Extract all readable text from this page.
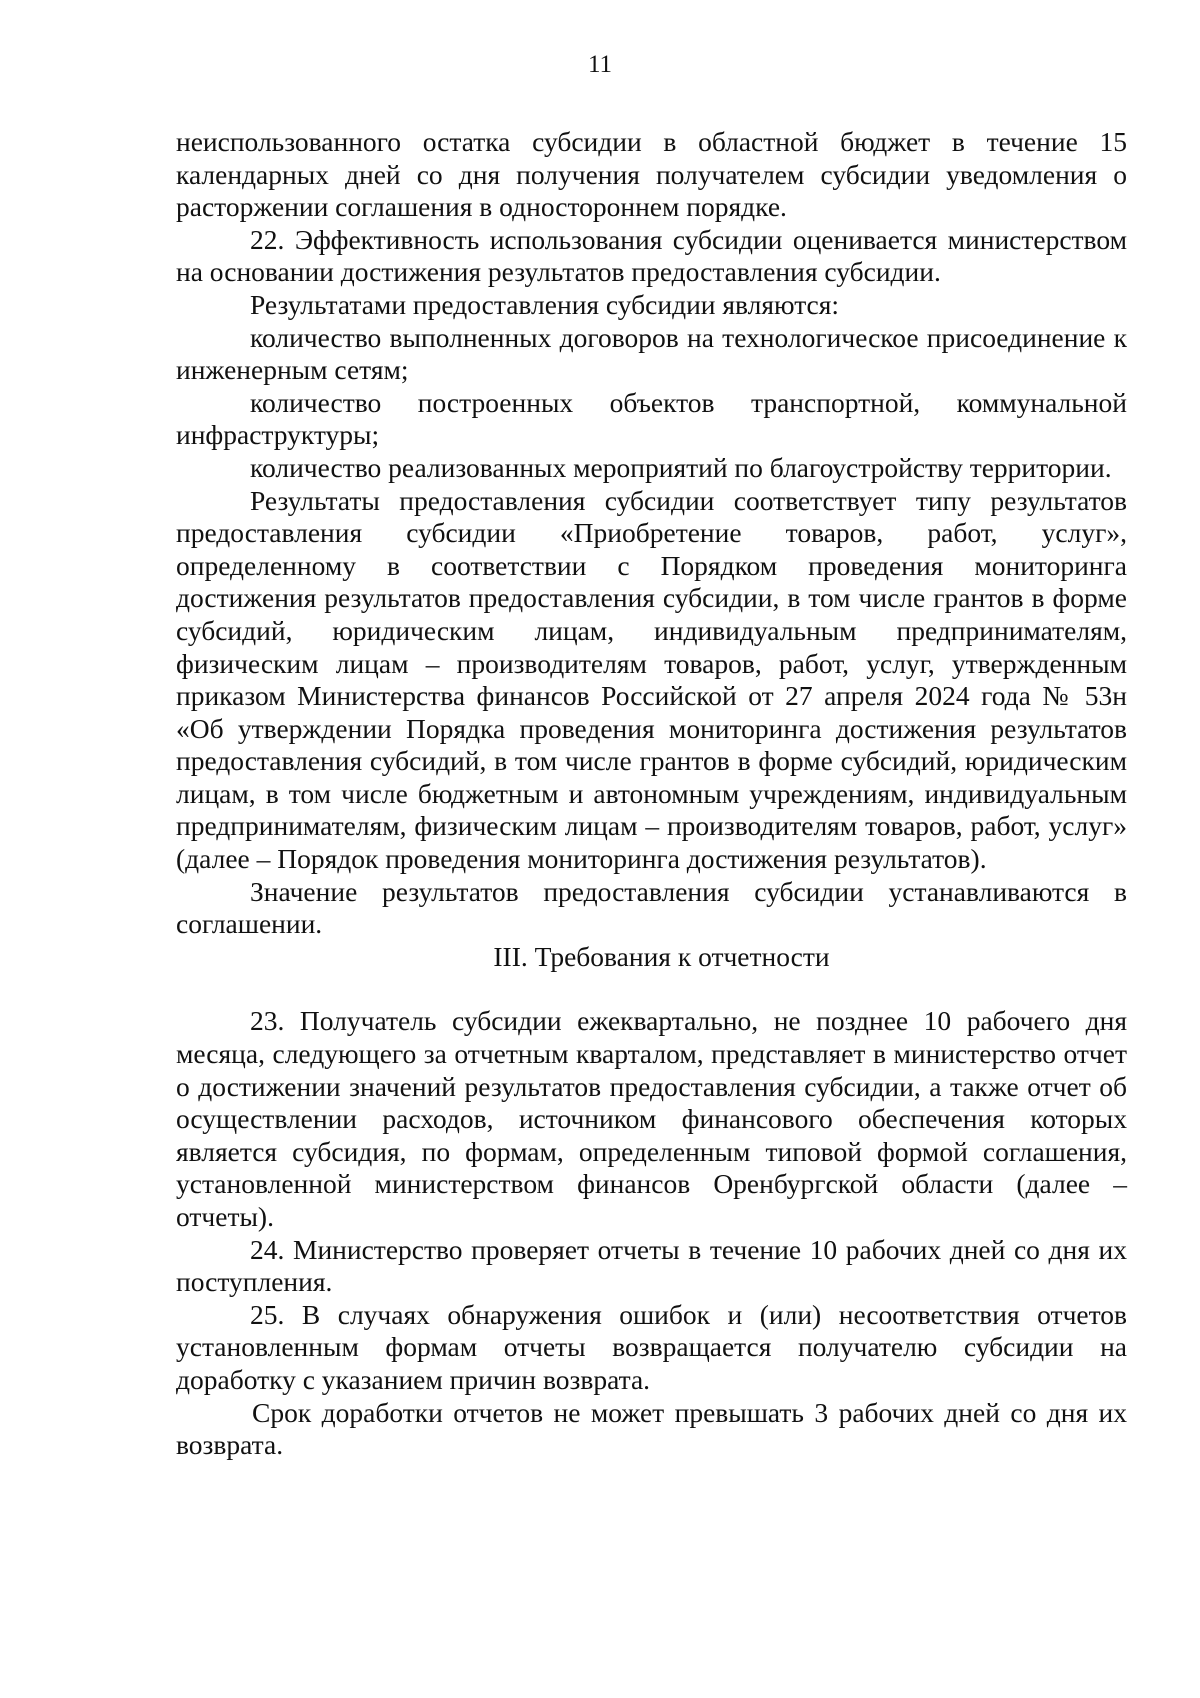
11

неиспользованного остатка субсидии в областной бюджет в течение 15 календарных дней со дня получения получателем субсидии уведомления о расторжении соглашения в одностороннем порядке.

22. Эффективность использования субсидии оценивается министерством на основании достижения результатов предоставления субсидии.

Результатами предоставления субсидии являются:

количество выполненных договоров на технологическое присоединение к инженерным сетям;

количество построенных объектов транспортной, коммунальной инфраструктуры;

количество реализованных мероприятий по благоустройству территории.

Результаты предоставления субсидии соответствует типу результатов предоставления субсидии «Приобретение товаров, работ, услуг», определенному в соответствии с Порядком проведения мониторинга достижения результатов предоставления субсидии, в том числе грантов в форме субсидий, юридическим лицам, индивидуальным предпринимателям, физическим лицам – производителям товаров, работ, услуг, утвержденным приказом Министерства финансов Российской от 27 апреля 2024 года № 53н «Об утверждении Порядка проведения мониторинга достижения результатов предоставления субсидий, в том числе грантов в форме субсидий, юридическим лицам, в том числе бюджетным и автономным учреждениям, индивидуальным предпринимателям, физическим лицам – производителям товаров, работ, услуг» (далее – Порядок проведения мониторинга достижения результатов).

Значение результатов предоставления субсидии устанавливаются в соглашении.

III. Требования к отчетности

23. Получатель субсидии ежеквартально, не позднее 10 рабочего дня месяца, следующего за отчетным кварталом, представляет в министерство отчет о достижении значений результатов предоставления субсидии, а также отчет об осуществлении расходов, источником финансового обеспечения которых является субсидия, по формам, определенным типовой формой соглашения, установленной министерством финансов Оренбургской области (далее – отчеты).

24. Министерство проверяет отчеты в течение 10 рабочих дней со дня их поступления.

25. В случаях обнаружения ошибок и (или) несоответствия отчетов установленным формам отчеты возвращается получателю субсидии на доработку с указанием причин возврата.

Срок доработки отчетов не может превышать 3 рабочих дней со дня их возврата.
